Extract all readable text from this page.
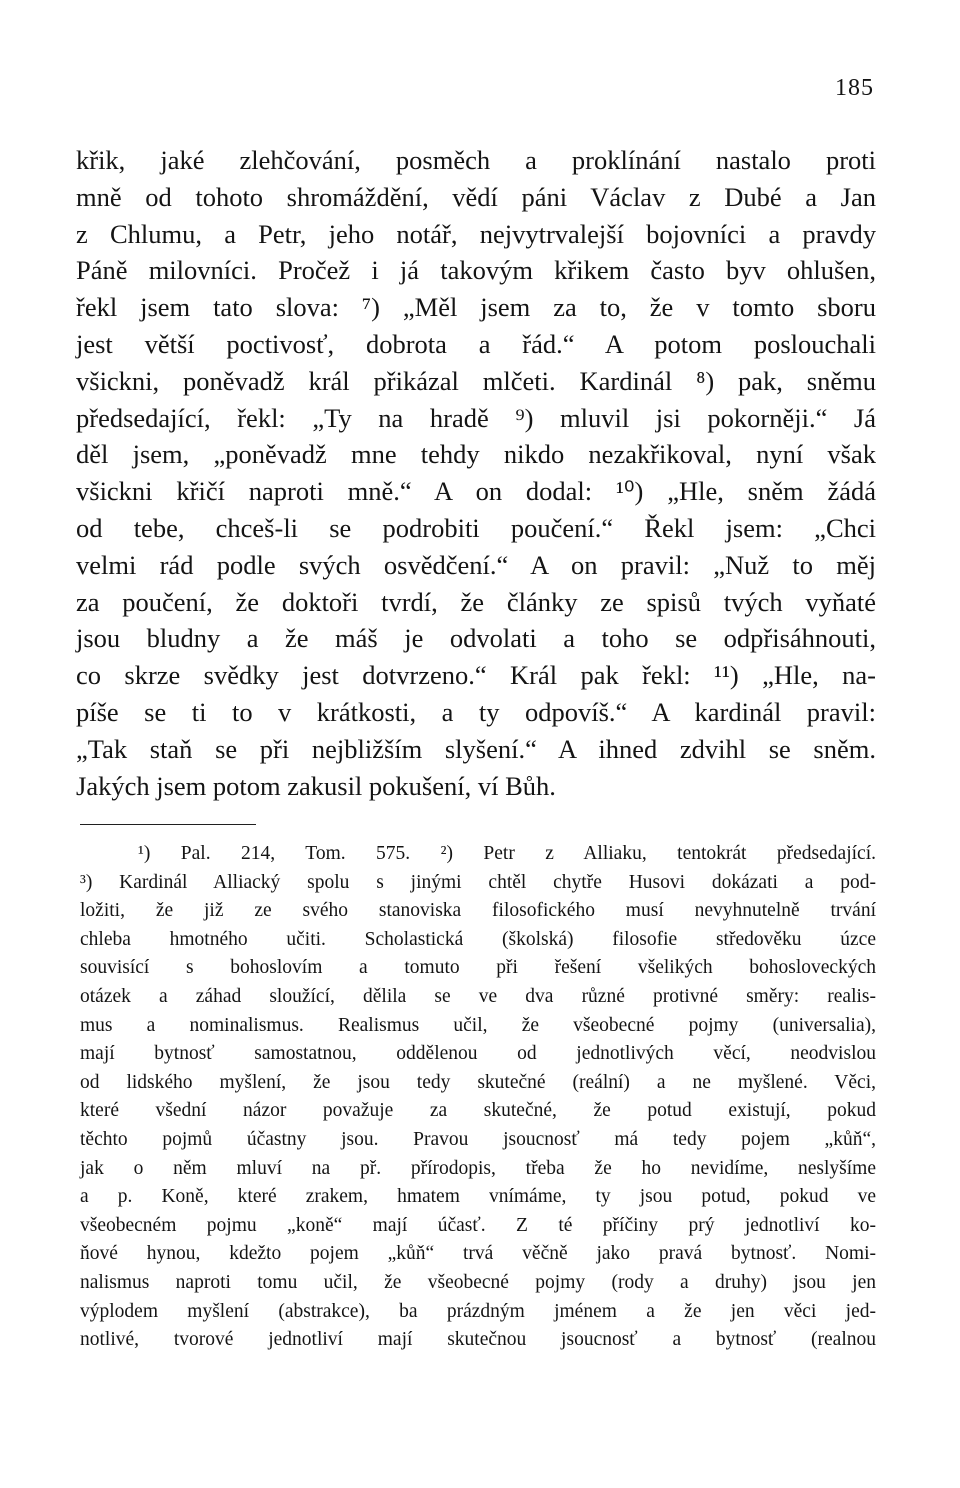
185
křik, jaké zlehčování, posměch a proklínání nastalo proti
mně od tohoto shromáždění, vědí páni Václav z Dubé a Jan
z Chlumu, a Petr, jeho notář, nejvytrvalejší bojovníci a pravdy
Páně milovníci. Pročež i já takovým křikem často byv ohlušen,
řekl jsem tato slova: ⁷) „Měl jsem za to, že v tomto sboru
jest větší poctivosť, dobrota a řád.“ A potom poslouchali
všickni, poněvadž král přikázal mlčeti. Kardinál ⁸) pak, sněmu
předsedající, řekl: „Ty na hradě ⁹) mluvil jsi pokorněji.“ Já
děl jsem, „poněvadž mne tehdy nikdo nezakřikoval, nyní však
všickni křičí naproti mně.“ A on dodal: ¹⁰) „Hle, sněm žádá
od tebe, chceš-li se podrobiti poučení.“ Řekl jsem: „Chci
velmi rád podle svých osvědčení.“ A on pravil: „Nuž to měj
za poučení, že doktoři tvrdí, že články ze spisů tvých vyňaté
jsou bludny a že máš je odvolati a toho se odpřisáhnouti,
co skrze svědky jest dotvrzeno.“ Král pak řekl: ¹¹) „Hle, na-
píše se ti to v krátkosti, a ty odpovíš.“ A kardinál pravil:
„Tak staň se při nejbližším slyšení.“ A ihned zdvihl se sněm.
Jakých jsem potom zakusil pokušení, ví Bůh.
¹) Pal. 214, Tom. 575. ²) Petr z Alliaku, tentokrát předsedající.
³) Kardinál Alliacký spolu s jinými chtěl chytře Husovi dokázati a pod-
ložiti, že již ze svého stanoviska filosofického musí nevyhnutelně trvání
chleba hmotného učiti. Scholastická (školská) filosofie středověku úzce
souvisící s bohoslovím a tomuto při řešení všelikých bohosloveckých
otázek a záhad sloužící, dělila se ve dva různé protivné směry: realis-
mus a nominalismus. Realismus učil, že všeobecné pojmy (universalia),
mají bytnosť samostatnou, oddělenou od jednotlivých věcí, neodvislou
od lidského myšlení, že jsou tedy skutečné (reální) a ne myšlené. Věci,
které všední názor považuje za skutečné, že potud existují, pokud
těchto pojmů účastny jsou. Pravou jsoucnosť má tedy pojem „kůň“,
jak o něm mluví na př. přírodopis, třeba že ho nevidíme, neslyšíme
a p. Koně, které zrakem, hmatem vnímáme, ty jsou potud, pokud ve
všeobecném pojmu „koně“ mají účasť. Z té příčiny prý jednotliví ko-
ňové hynou, kdežto pojem „kůň“ trvá věčně jako pravá bytnosť. Nomi-
nalismus naproti tomu učil, že všeobecné pojmy (rody a druhy) jsou jen
výplodem myšlení (abstrakce), ba prázdným jménem a že jen věci jed-
notlivé, tvorové jednotliví mají skutečnou jsoucnosť a bytnosť (realnou
